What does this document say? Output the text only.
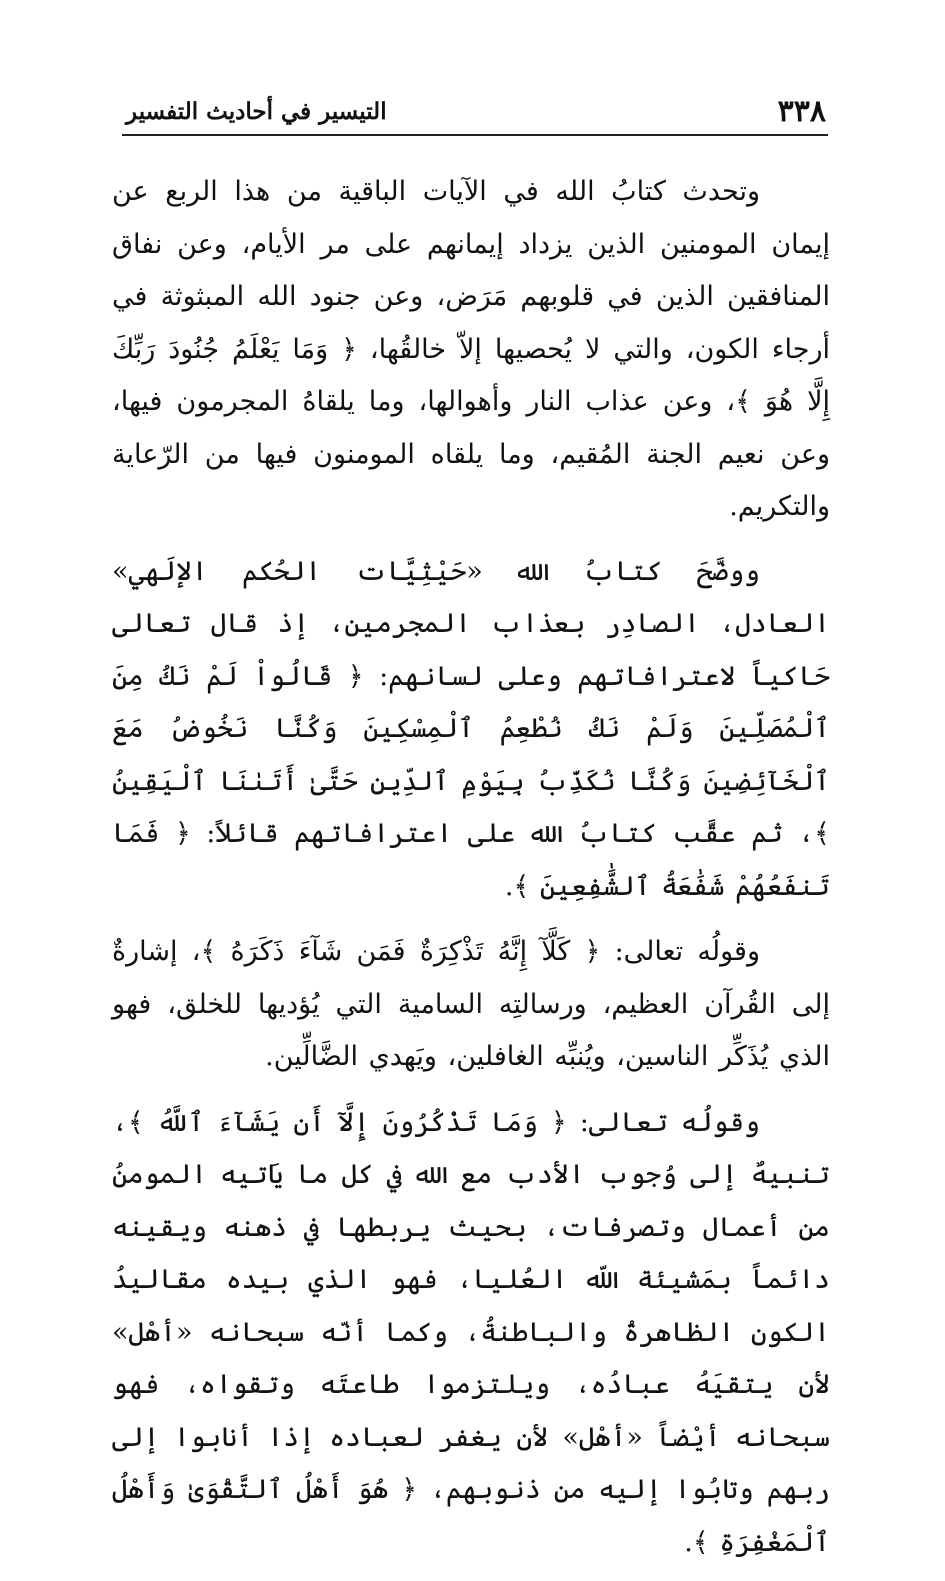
٣٣٨
التيسير في أحاديث التفسير

وتحدث كتابُ الله في الآيات الباقية من هذا الربع عن إيمان المومنين الذين يزداد إيمانهم على مر الأيام، وعن نفاق المنافقين الذين في قلوبهم مَرَض، وعن جنود الله المبثوثة في أرجاء الكون، والتي لا يُحصيها إلاّ خالقُها، ﴿ وَمَا يَعْلَمُ جُنُودَ رَبِّكَ إِلَّا هُوَ ﴾، وعن عذاب النار وأهوالها، وما يلقاهُ المجرمون فيها، وعن نعيم الجنة المُقيم، وما يلقاه المومنون فيها من الرّعاية والتكريم.

ووضَّحَ كتابُ الله «حَيْثِيَّات الحُكم الإلَهي» العادل، الصادِر بعذاب المجرمين، إذ قال تعالى حَاكياً لاعترافاتهم وعلى لسانهم: ﴿ قَالُواْ لَمْ نَكُ مِنَ ٱلْمُصَلِّينَ وَلَمْ نَكُ نُطْعِمُ ٱلْمِسْكِينَ وَكُنَّا نَخُوضُ مَعَ ٱلْخَآئِضِينَ وَكُنَّا نُكَذِّبُ بِيَوْمِ ٱلدِّينِ حَتَّىٰ أَتَىٰنَا ٱلْيَقِينُ ﴾، ثم عقَّب كتابُ الله على اعترافاتهم قائلاً: ﴿ فَمَا تَنفَعُهُمْ شَفَٰعَةُ ٱلشَّٰفِعِينَ ﴾.

وقولُه تعالى: ﴿ كَلَّآ إِنَّهُ تَذْكِرَةٌ فَمَن شَآءَ ذَكَرَهُ ﴾، إشارةٌ إلى القُرآن العظيم، ورسالتِه السامية التي يُؤديها للخلق، فهو الذي يُذَكِّر الناسين، ويُنبِّه الغافلين، ويَهدي الضَّالِّين.

وقولُه تعالى: ﴿ وَمَا تَذْكُرُونَ إِلَّآ أَن يَشَآءَ ٱللَّهُ ﴾، تنبيهٌ إلى وُجوب الأدب مع الله في كل ما يَاتيه المومنُ من أعمال وتصرفات، بحيث يربطها في ذهنه ويقينه دائماً بمَشيئة اللّه العُليا، فهو الذي بيده مقاليدُ الكون الظاهرةُ والباطنةُ، وكما أنّه سبحانه «أهْل» لأن يتقيَهُ عبادُه، ويلتزموا طاعتَه وتقواه، فهو سبحانه أيْضاً «أهْل» لأن يغفر لعباده إذا أنابوا إلى ربهم وتابُوا إليه من ذنوبهم، ﴿ هُوَ أَهْلُ ٱلتَّقْوَىٰ وَأَهْلُ ٱلْمَغْفِرَةِ ﴾.
